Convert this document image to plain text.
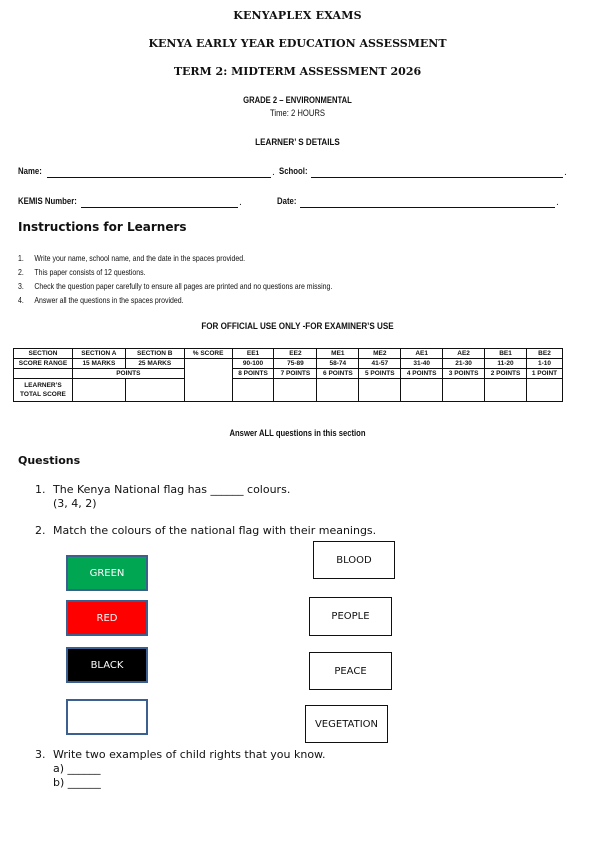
KENYAPLEX EXAMS
KENYA EARLY YEAR EDUCATION ASSESSMENT
TERM 2: MIDTERM ASSESSMENT 2026
GRADE 2 – ENVIRONMENTAL
Time: 2 HOURS
LEARNER’ S DETAILS
Name:	. School:	.
KEMIS Number:	.	Date:	.
Instructions for Learners
1. Write your name, school name, and the date in the spaces provided.
2. This paper consists of 12 questions.
3. Check the question paper carefully to ensure all pages are printed and no questions are missing.
4. Answer all the questions in the spaces provided.
FOR OFFICIAL USE ONLY -FOR EXAMINER’S USE
SECTION	SECTION A	SECTION B	% SCORE	EE1	EE2	ME1	ME2	AE1	AE2	BE1	BE2
SCORE RANGE	15 MARKS	25 MARKS		90-100	75-89	58-74	41-57	31-40	21-30	11-20	1-10
	POINTS			8 POINTS	7 POINTS	6 POINTS	5 POINTS	4 POINTS	3 POINTS	2 POINTS	1 POINT

LEARNER’S
TOTAL SCORE											

Answer ALL questions in this section
Questions
1. The Kenya National flag has ______ colours.
(3, 4, 2)
2. Match the colours of the national flag with their meanings.
GREEN
RED
BLACK
BLOOD
PEOPLE
PEACE
VEGETATION
3. Write two examples of child rights that you know.
a) ______
b) ______
